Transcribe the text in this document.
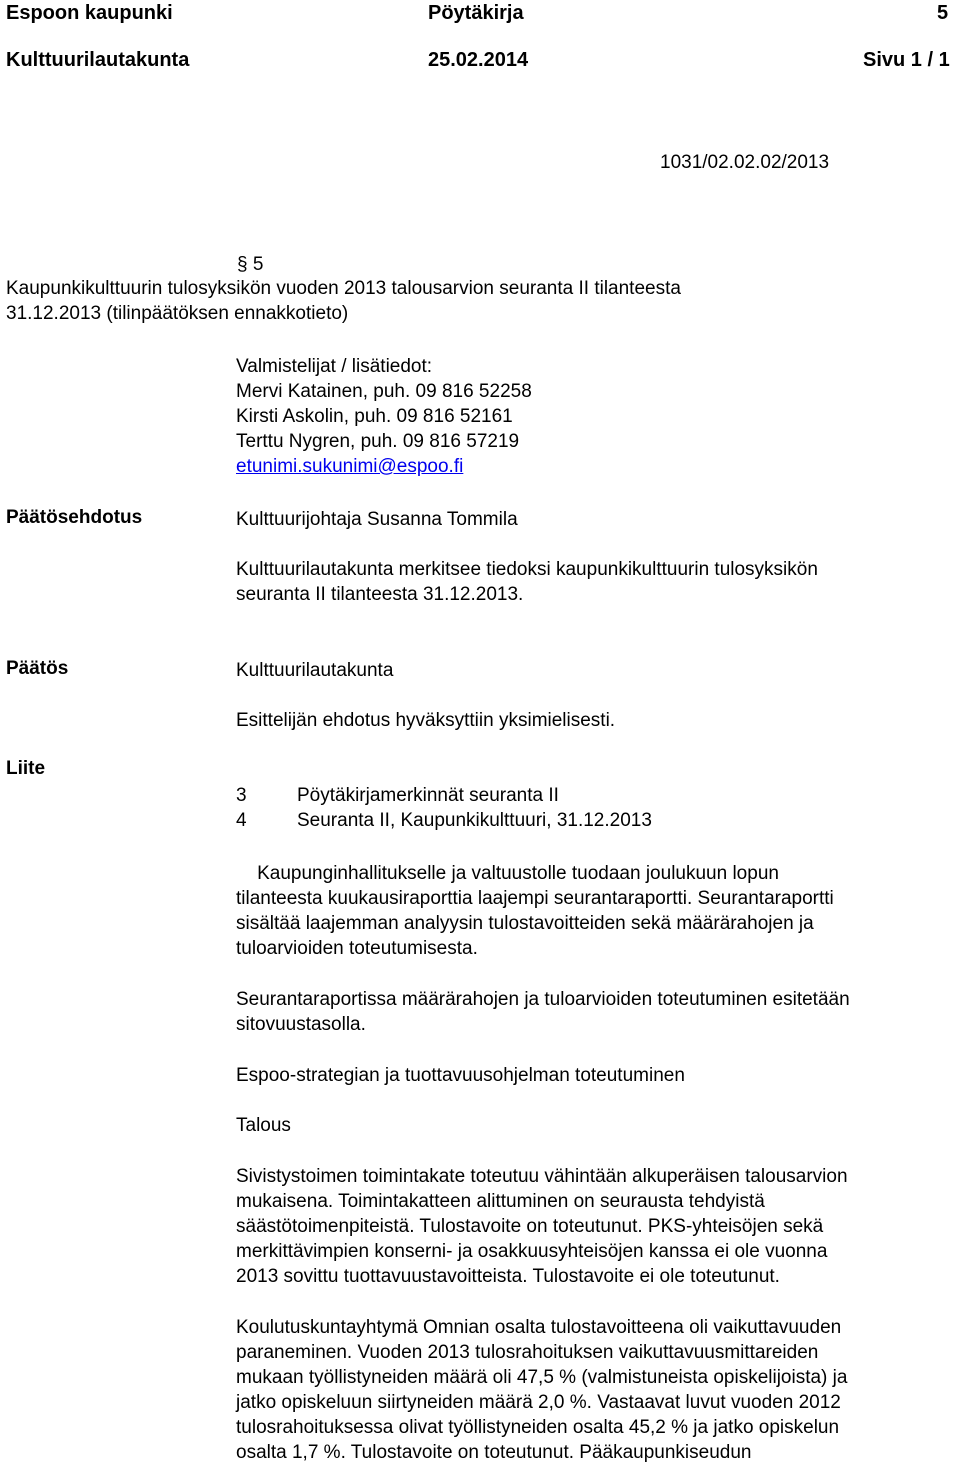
Espoon kaupunki	Pöytäkirja	5
Kulttuurilautakunta	25.02.2014	Sivu 1 / 1
1031/02.02.02/2013
§ 5
Kaupunkikulttuurin tulosyksikön vuoden 2013 talousarvion seuranta II tilanteesta
31.12.2013 (tilinpäätöksen ennakkotieto)
Valmistelijat / lisätiedot:
Mervi Katainen, puh. 09 816 52258
Kirsti Askolin, puh. 09 816 52161
Terttu Nygren, puh. 09 816 57219
etunimi.sukunimi@espoo.fi
Päätösehdotus	Kulttuurijohtaja Susanna Tommila
Kulttuurilautakunta merkitsee tiedoksi kaupunkikulttuurin tulosyksikön
seuranta II tilanteesta 31.12.2013.
Päätös	Kulttuurilautakunta
Esittelijän ehdotus hyväksyttiin yksimielisesti.
Liite
3	Pöytäkirjamerkinnät seuranta II
4	Seuranta II, Kaupunkikulttuuri, 31.12.2013
Kaupunginhallitukselle ja valtuustolle tuodaan joulukuun lopun
tilanteesta kuukausiraporttia laajempi seurantaraportti. Seurantaraportti
sisältää laajemman analyysin tulostavoitteiden sekä määrärahojen ja
tuloarvioiden toteutumisesta.
Seurantaraportissa määrärahojen ja tuloarvioiden toteutuminen esitetään
sitovuustasolla.
Espoo-strategian ja tuottavuusohjelman toteutuminen
Talous
Sivistystoimen toimintakate toteutuu vähintään alkuperäisen talousarvion
mukaisena. Toimintakatteen alittuminen on seurausta tehdyistä
säästötoimenpiteistä. Tulostavoite on toteutunut. PKS-yhteisöjen sekä
merkittävimpien konserni- ja osakkuusyhteisöjen kanssa ei ole vuonna
2013 sovittu tuottavuustavoitteista. Tulostavoite ei ole toteutunut.
Koulutuskuntayhtymä Omnian osalta tulostavoitteena oli vaikuttavuuden
paraneminen. Vuoden 2013 tulosrahoituksen vaikuttavuusmittareiden
mukaan työllistyneiden määrä oli 47,5 % (valmistuneista opiskelijoista) ja
jatko opiskeluun siirtyneiden määrä 2,0 %. Vastaavat luvut vuoden 2012
tulosrahoituksessa olivat työllistyneiden osalta 45,2 % ja jatko opiskelun
osalta 1,7 %. Tulostavoite on toteutunut. Pääkaupunkiseudun
